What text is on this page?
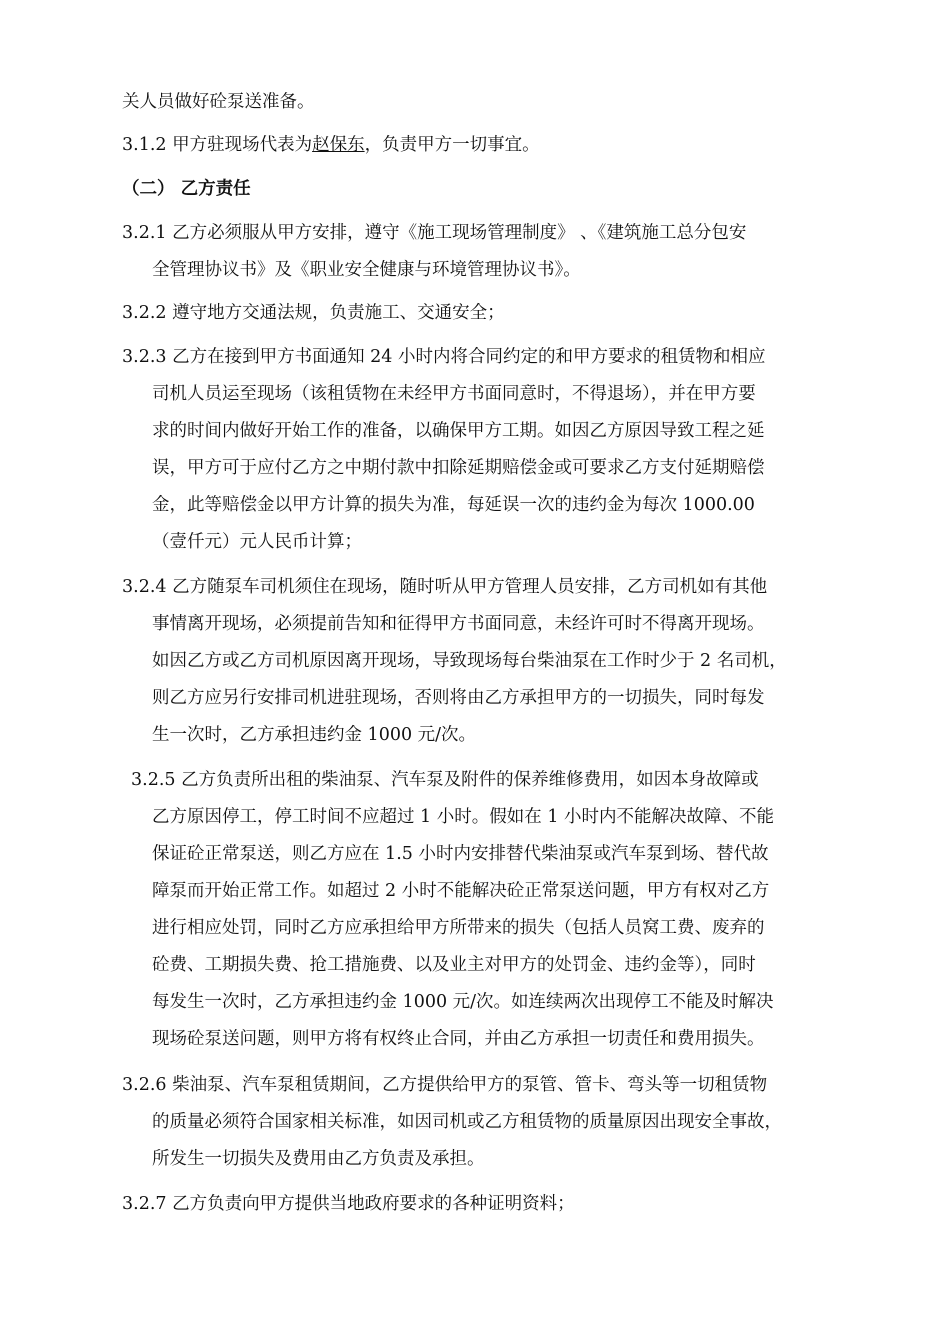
关人员做好砼泵送准备。
3.1.2 甲方驻现场代表为赵保东，负责甲方一切事宜。
（二） 乙方责任
3.2.1 乙方必须服从甲方安排，遵守《施工现场管理制度》 、《建筑施工总分包安
全管理协议书》及《职业安全健康与环境管理协议书》。
3.2.2 遵守地方交通法规，负责施工、交通安全；
3.2.3 乙方在接到甲方书面通知 24 小时内将合同约定的和甲方要求的租赁物和相应
司机人员运至现场（该租赁物在未经甲方书面同意时，不得退场），并在甲方要
求的时间内做好开始工作的准备，以确保甲方工期。如因乙方原因导致工程之延
误，甲方可于应付乙方之中期付款中扣除延期赔偿金或可要求乙方支付延期赔偿
金，此等赔偿金以甲方计算的损失为准，每延误一次的违约金为每次 1000.00
（壹仟元）元人民币计算；
3.2.4 乙方随泵车司机须住在现场，随时听从甲方管理人员安排，乙方司机如有其他
事情离开现场，必须提前告知和征得甲方书面同意，未经许可时不得离开现场。
如因乙方或乙方司机原因离开现场，导致现场每台柴油泵在工作时少于 2 名司机，
则乙方应另行安排司机进驻现场，否则将由乙方承担甲方的一切损失，同时每发
生一次时，乙方承担违约金 1000 元/次。
3.2.5 乙方负责所出租的柴油泵、汽车泵及附件的保养维修费用，如因本身故障或
乙方原因停工，停工时间不应超过 1 小时。假如在 1 小时内不能解决故障、不能
保证砼正常泵送，则乙方应在 1.5 小时内安排替代柴油泵或汽车泵到场、替代故
障泵而开始正常工作。如超过 2 小时不能解决砼正常泵送问题，甲方有权对乙方
进行相应处罚，同时乙方应承担给甲方所带来的损失（包括人员窝工费、废弃的
砼费、工期损失费、抢工措施费、以及业主对甲方的处罚金、违约金等），同时
每发生一次时，乙方承担违约金 1000 元/次。如连续两次出现停工不能及时解决
现场砼泵送问题，则甲方将有权终止合同，并由乙方承担一切责任和费用损失。
3.2.6 柴油泵、汽车泵租赁期间，乙方提供给甲方的泵管、管卡、弯头等一切租赁物
的质量必须符合国家相关标准，如因司机或乙方租赁物的质量原因出现安全事故，
所发生一切损失及费用由乙方负责及承担。
3.2.7 乙方负责向甲方提供当地政府要求的各种证明资料；
